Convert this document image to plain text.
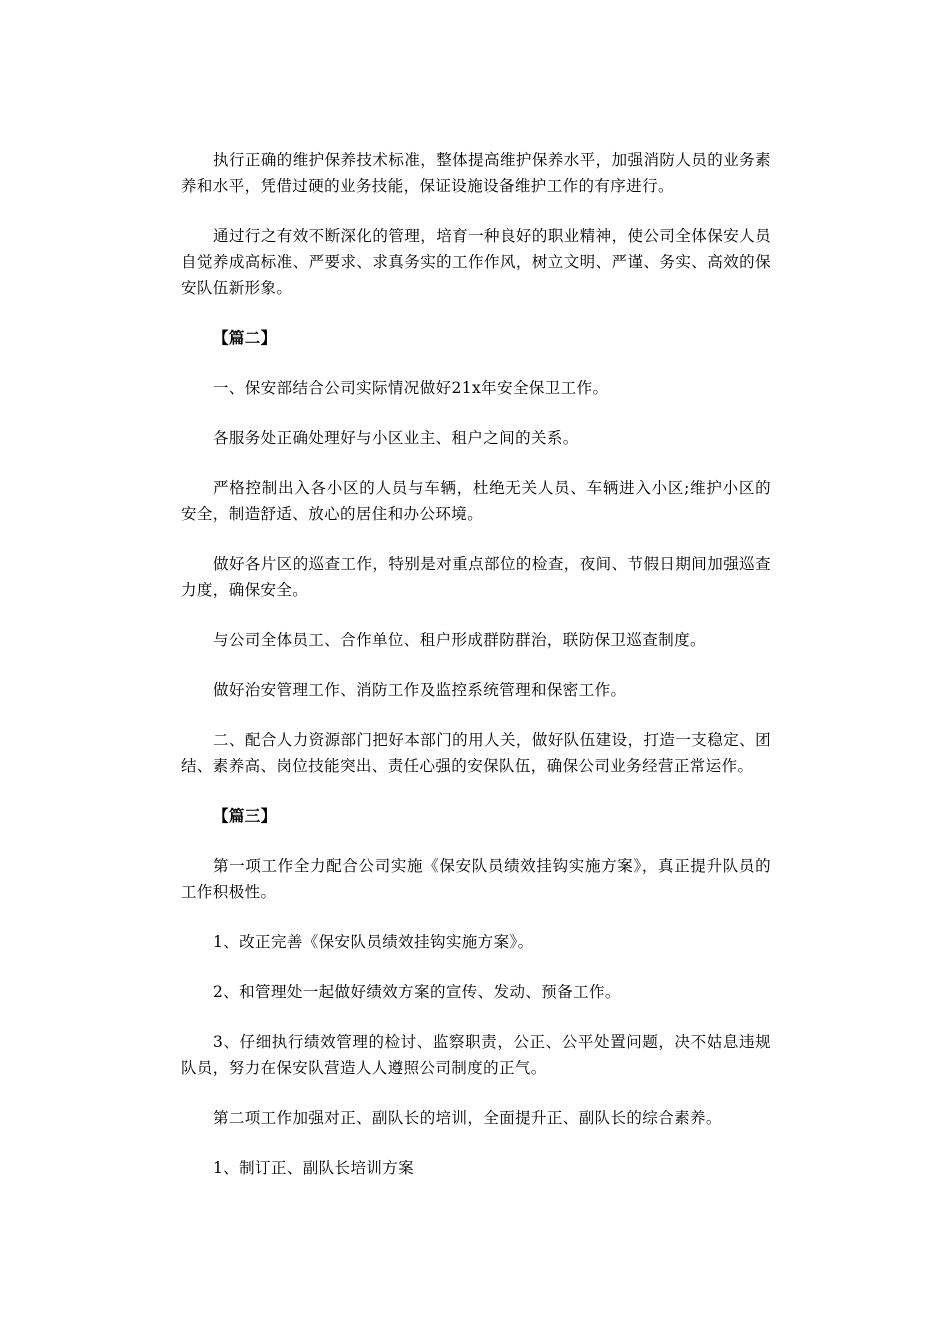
执行正确的维护保养技术标准，整体提高维护保养水平，加强消防人员的业务素养和水平，凭借过硬的业务技能，保证设施设备维护工作的有序进行。

通过行之有效不断深化的管理，培育一种良好的职业精神，使公司全体保安人员自觉养成高标准、严要求、求真务实的工作作风，树立文明、严谨、务实、高效的保安队伍新形象。

【篇二】

一、保安部结合公司实际情况做好21x年安全保卫工作。

各服务处正确处理好与小区业主、租户之间的关系。

严格控制出入各小区的人员与车辆，杜绝无关人员、车辆进入小区;维护小区的安全，制造舒适、放心的居住和办公环境。

做好各片区的巡查工作，特别是对重点部位的检查，夜间、节假日期间加强巡查力度，确保安全。

与公司全体员工、合作单位、租户形成群防群治，联防保卫巡查制度。

做好治安管理工作、消防工作及监控系统管理和保密工作。

二、配合人力资源部门把好本部门的用人关，做好队伍建设，打造一支稳定、团结、素养高、岗位技能突出、责任心强的安保队伍，确保公司业务经营正常运作。

【篇三】

第一项工作全力配合公司实施《保安队员绩效挂钩实施方案》，真正提升队员的工作积极性。

1、改正完善《保安队员绩效挂钩实施方案》。

2、和管理处一起做好绩效方案的宣传、发动、预备工作。

3、仔细执行绩效管理的检讨、监察职责，公正、公平处置问题，决不姑息违规队员，努力在保安队营造人人遵照公司制度的正气。

第二项工作加强对正、副队长的培训，全面提升正、副队长的综合素养。

1、制订正、副队长培训方案
